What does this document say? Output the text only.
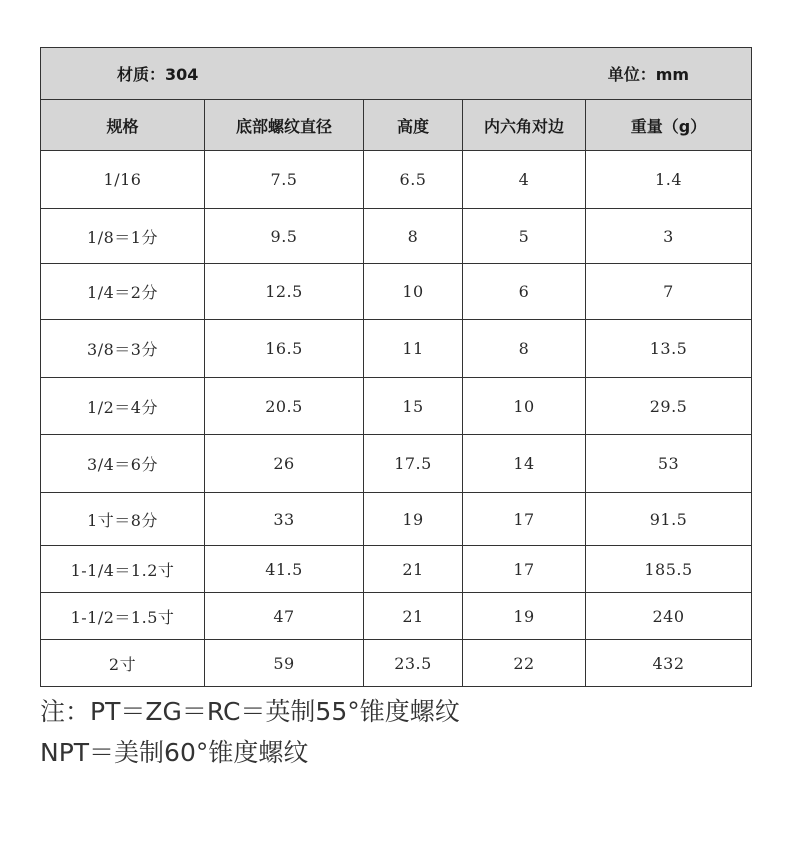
材质：304 单位：mm				

规格	底部螺纹直径	高度	内六角对边	重量（g）
1/16	7.5	6.5	4	1.4
1/8＝1分	9.5	8	5	3
1/4＝2分	12.5	10	6	7
3/8＝3分	16.5	11	8	13.5
1/2＝4分	20.5	15	10	29.5
3/4＝6分	26	17.5	14	53
1寸＝8分	33	19	17	91.5
1-1/4＝1.2寸	41.5	21	17	185.5
1-1/2＝1.5寸	47	21	19	240
2寸	59	23.5	22	432
注：PT＝ZG＝RC＝英制55°锥度螺纹
NPT＝美制60°锥度螺纹
